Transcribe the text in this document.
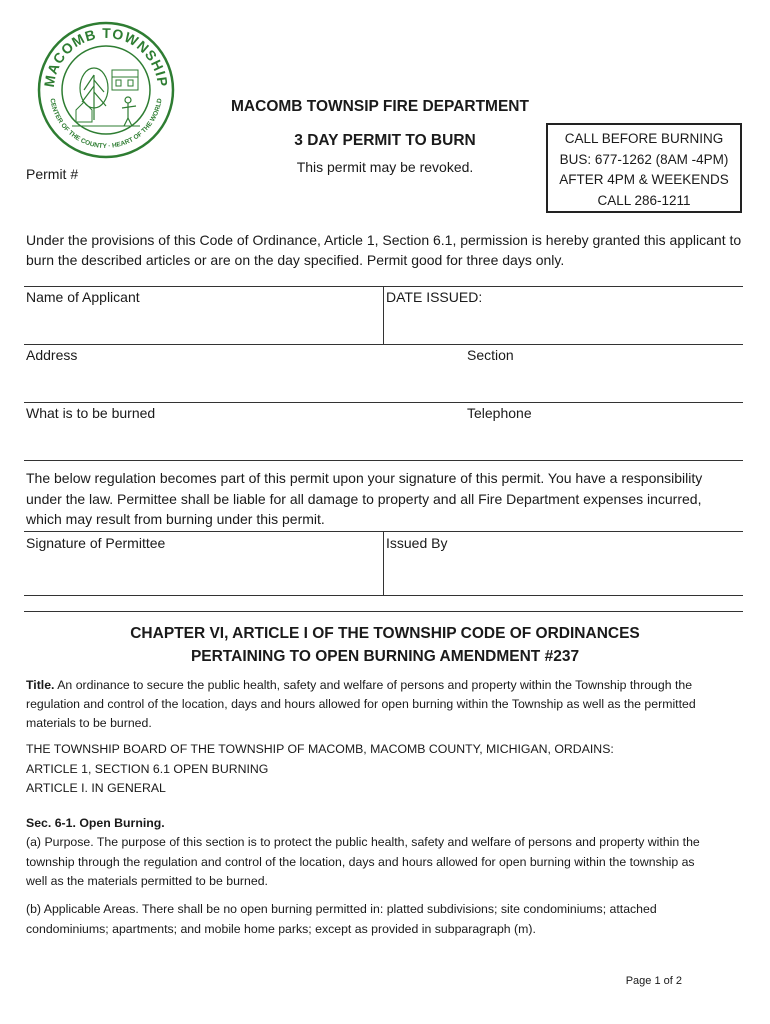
MACOMB TOWNSHIP
CENTER OF THE COUNTY · HEART OF THE WORLD	MACOMB TOWNSIP FIRE DEPARTMENT
3 DAY PERMIT TO BURN
This permit may be revoked.
Permit #
CALL BEFORE BURNING
BUS: 677-1262 (8AM -4PM)
AFTER 4PM & WEEKENDS
CALL 286-1211
Under the provisions of this Code of Ordinance, Article 1, Section 6.1, permission is hereby granted this applicant to
burn the described articles or are on the day specified. Permit good for three days only.
Name of Applicant	DATE ISSUED:
Address	Section
What is to be burned	Telephone
The below regulation becomes part of this permit upon your signature of this permit. You have a responsibility
under the law. Permittee shall be liable for all damage to property and all Fire Department expenses incurred,
which may result from burning under this permit.
Signature of Permittee	Issued By
CHAPTER VI, ARTICLE I OF THE TOWNSHIP CODE OF ORDINANCES
PERTAINING TO OPEN BURNING AMENDMENT #237
Title. An ordinance to secure the public health, safety and welfare of persons and property within the Township through the
regulation and control of the location, days and hours allowed for open burning within the Township as well as the permitted
materials to be burned.
THE TOWNSHIP BOARD OF THE TOWNSHIP OF MACOMB, MACOMB COUNTY, MICHIGAN, ORDAINS:
ARTICLE 1, SECTION 6.1 OPEN BURNING
ARTICLE I. IN GENERAL
Sec. 6-1. Open Burning.
(a) Purpose. The purpose of this section is to protect the public health, safety and welfare of persons and property within the
township through the regulation and control of the location, days and hours allowed for open burning within the township as
well as the materials permitted to be burned.
(b) Applicable Areas. There shall be no open burning permitted in: platted subdivisions; site condominiums; attached
condominiums; apartments; and mobile home parks; except as provided in subparagraph (m).
Page 1 of 2
